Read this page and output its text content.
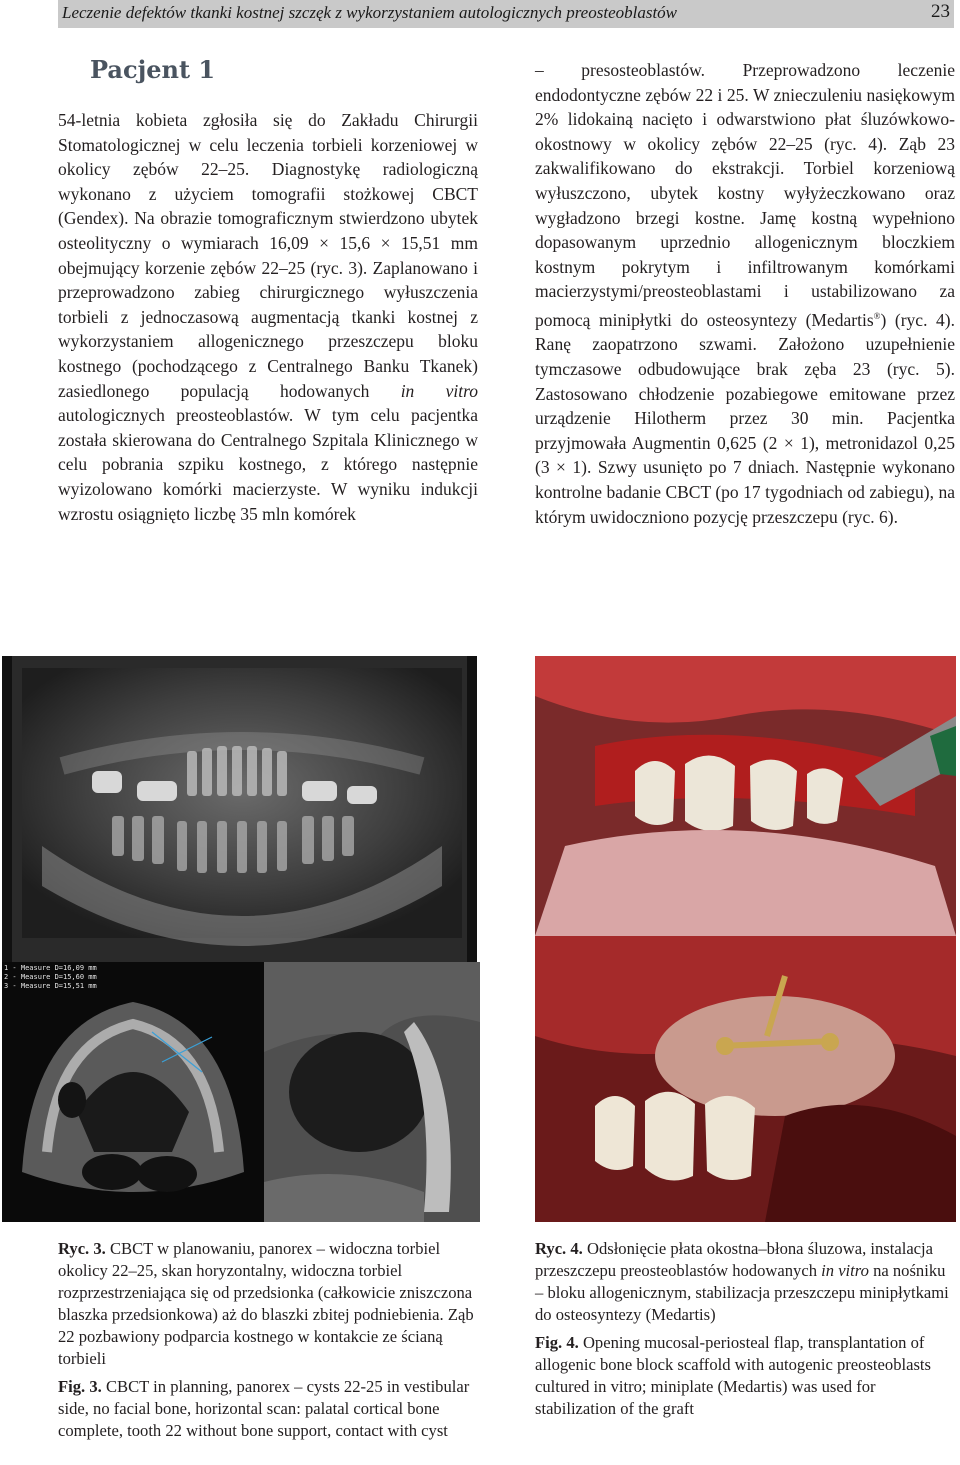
Leczenie defektów tkanki kostnej szczęk z wykorzystaniem autologicznych preosteoblastów	23
Pacjent 1

54-letnia kobieta zgłosiła się do Zakładu Chirurgii Stomatologicznej w celu leczenia torbieli korzeniowej w okolicy zębów 22–25. Diagnostykę radiologiczną wykonano z użyciem tomografii stożkowej CBCT (Gendex). Na obrazie tomograficznym stwierdzono ubytek osteolityczny o wymiarach 16,09 × 15,6 × 15,51 mm obejmujący korzenie zębów 22–25 (ryc. 3). Zaplanowano i przeprowadzono zabieg chirurgicznego wyłuszczenia torbieli z jednoczasową augmentacją tkanki kostnej z wykorzystaniem allogenicznego przeszczepu bloku kostnego (pochodzącego z Centralnego Banku Tkanek) zasiedlonego populacją hodowanych in vitro autologicznych preosteoblastów. W tym celu pacjentka została skierowana do Centralnego Szpitala Klinicznego w celu pobrania szpiku kostnego, z którego następnie wyizolowano komórki macierzyste. W wyniku indukcji wzrostu osiągnięto liczbę 35 mln komórek

– presosteoblastów. Przeprowadzono leczenie endodontyczne zębów 22 i 25. W znieczuleniu nasiękowym 2% lidokainą nacięto i odwarstwiono płat śluzówkowo-okostnowy w okolicy zębów 22–25 (ryc. 4). Ząb 23 zakwalifikowano do ekstrakcji. Torbiel korzeniową wyłuszczono, ubytek kostny wyłyżeczkowano oraz wygładzono brzegi kostne. Jamę kostną wypełniono dopasowanym uprzednio allogenicznym bloczkiem kostnym pokrytym i infiltrowanym komórkami macierzystymi/preosteoblastami i ustabilizowano za pomocą minipłytki do osteosyntezy (Medartis®) (ryc. 4). Ranę zaopatrzono szwami. Założono uzupełnienie tymczasowe odbudowujące brak zęba 23 (ryc. 5). Zastosowano chłodzenie pozabiegowe emitowane przez urządzenie Hilotherm przez 30 min. Pacjentka przyjmowała Augmentin 0,625 (2 × 1), metronidazol 0,25 (3 × 1). Szwy usunięto po 7 dniach. Następnie wykonano kontrolne badanie CBCT (po 17 tygodniach od zabiegu), na którym uwidoczniono pozycję przeszczepu (ryc. 6).

1 - Measure D=16,09 mm
2 - Measure D=15,60 mm
3 - Measure D=15,51 mm

Ryc. 3. CBCT w planowaniu, panorex – widoczna torbiel okolicy 22–25, skan horyzontalny, widoczna torbiel rozprzestrzeniająca się od przedsionka (całkowicie zniszczona blaszka przedsionkowa) aż do blaszki zbitej podniebienia. Ząb 22 pozbawiony podparcia kostnego w kontakcie ze ścianą torbieli

Fig. 3. CBCT in planning, panorex – cysts 22-25 in vestibular side, no facial bone, horizontal scan: palatal cortical bone complete, tooth 22 without bone support, contact with cyst

Ryc. 4. Odsłonięcie płata okostna–błona śluzowa, instalacja przeszczepu preosteoblastów hodowanych in vitro na nośniku – bloku allogenicznym, stabilizacja przeszczepu minipłytkami do osteosyntezy (Medartis)

Fig. 4. Opening mucosal-periosteal flap, transplantation of allogenic bone block scaffold with autogenic preosteoblasts cultured in vitro; miniplate (Medartis) was used for stabilization of the graft
